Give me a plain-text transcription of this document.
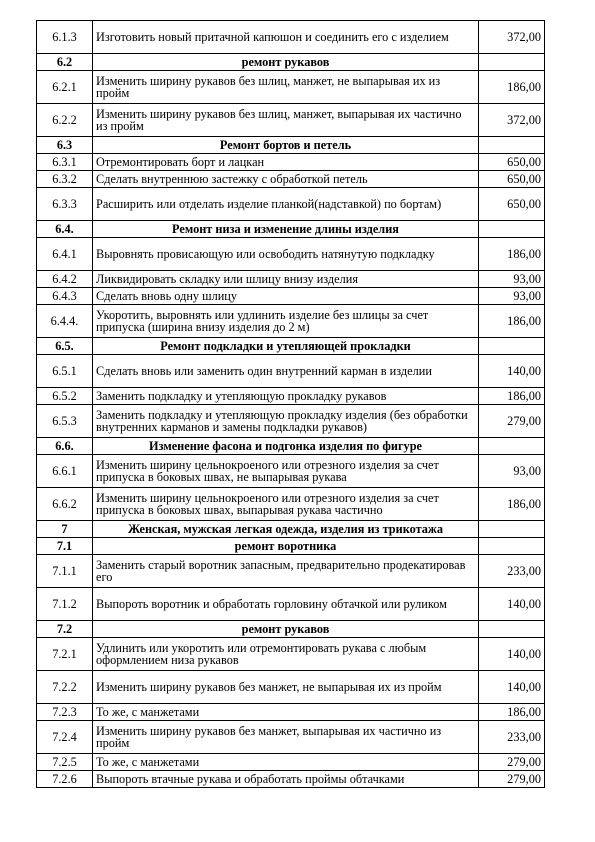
6.1.3	Изготовить новый притачной капюшон и соединить его с изделием	372,00
6.2	ремонт рукавов	
6.2.1	Изменить ширину рукавов без шлиц, манжет, не выпарывая их из пройм	186,00
6.2.2	Изменить ширину рукавов без шлиц, манжет, выпарывая их частично из пройм	372,00
6.3	Ремонт бортов и петель	
6.3.1	Отремонтировать борт и лацкан	650,00
6.3.2	Сделать внутреннюю застежку с обработкой петель	650,00
6.3.3	Расширить или отделать изделие планкой(надставкой) по бортам)	650,00
6.4.	Ремонт низа и изменение длины изделия	
6.4.1	Выровнять провисающую или освободить натянутую подкладку	186,00
6.4.2	Ликвидировать складку или шлицу внизу изделия	93,00
6.4.3	Сделать вновь одну шлицу	93,00
6.4.4.	Укоротить, выровнять или удлинить изделие без шлицы за счет припуска (ширина внизу изделия до 2 м)	186,00
6.5.	Ремонт подкладки и утепляющей прокладки	
6.5.1	Сделать вновь или заменить один внутренний карман в изделии	140,00
6.5.2	Заменить подкладку и утепляющую прокладку рукавов	186,00
6.5.3	Заменить подкладку и утепляющую прокладку изделия (без обработки внутренних карманов и замены подкладки рукавов)	279,00
6.6.	Изменение фасона и подгонка изделия по фигуре	
6.6.1	Изменить ширину цельнокроеного или отрезного изделия за счет припуска в боковых швах, не выпарывая рукава	93,00
6.6.2	Изменить ширину цельнокроеного или отрезного изделия за счет припуска в боковых швах, выпарывая рукава частично	186,00
7	Женская, мужская легкая одежда, изделия из трикотажа	
7.1	ремонт воротника	
7.1.1	Заменить старый воротник запасным, предварительно продекатировав его	233,00
7.1.2	Выпороть воротник и обработать горловину обтачкой или руликом	140,00
7.2	ремонт рукавов	
7.2.1	Удлинить или укоротить или отремонтировать рукава с любым оформлением низа рукавов	140,00
7.2.2	Изменить ширину рукавов без манжет, не выпарывая их из пройм	140,00
7.2.3	То же, с манжетами	186,00
7.2.4	Изменить ширину рукавов без манжет, выпарывая их частично из пройм	233,00
7.2.5	То же, с манжетами	279,00
7.2.6	Выпороть втачные рукава и обработать проймы обтачками	279,00
